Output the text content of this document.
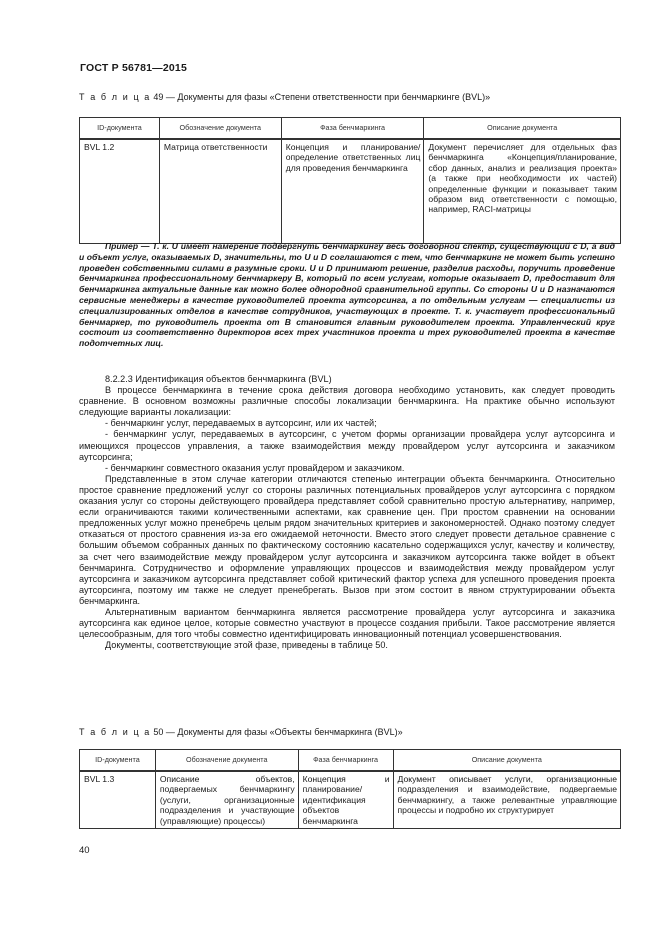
ГОСТ Р 56781—2015
Т а б л и ц а 49 — Документы для фазы «Степени ответственности при бенчмаркинге (BVL)»
ID-документа	Обозначение документа	Фаза бенчмаркинга	Описание документа
BVL 1.2	Матрица ответственности	Концепция и планирование/определение ответственных лиц для проведения бенчмаркинга	Документ перечисляет для отдельных фаз бенчмаркинга «Концепция/планирование, сбор данных, анализ и реализация проекта» (а также при необходимости их частей) определенные функции и показывает таким образом вид ответственности с помощью, например, RACI-матрицы
Пример — Т. к. U имеет намерение подвергнуть бенчмаркингу весь договорной спектр, существующий с D, а вид и объект услуг, оказываемых D, значительны, то U и D соглашаются с тем, что бенчмаркинг не может быть успешно проведен собственными силами в разумные сроки. U и D принимают решение, разделив расходы, поручить проведение бенчмаркинга профессиональному бенчмаркеру B, который по всем услугам, которые оказывает D, предоставит для бенчмаркинга актуальные данные как можно более однородной сравнительной группы. Со стороны U и D назначаются сервисные менеджеры в качестве руководителей проекта аутсорсинга, а по отдельным услугам — специалисты из специализированных отделов в качестве сотрудников, участвующих в проекте. Т. к. участвует профессиональный бенчмаркер, то руководитель проекта от B становится главным руководителем проекта. Управленческий круг состоит из соответственно директоров всех трех участников проекта и трех руководителей проекта в качестве подотчетных лиц.

8.2.2.3 Идентификация объектов бенчмаркинга (BVL)

В процессе бенчмаркинга в течение срока действия договора необходимо установить, как следует проводить сравнение. В основном возможны различные способы локализации бенчмаркинга. На практике обычно используют следующие варианты локализации:

- бенчмаркинг услуг, передаваемых в аутсорсинг, или их частей;

- бенчмаркинг услуг, передаваемых в аутсорсинг, с учетом формы организации провайдера услуг аутсорсинга и имеющихся процессов управления, а также взаимодействия между провайдером услуг аутсорсинга и заказчиком аутсорсинга;

- бенчмаркинг совместного оказания услуг провайдером и заказчиком.

Представленные в этом случае категории отличаются степенью интеграции объекта бенчмаркинга. Относительно простое сравнение предложений услуг со стороны различных потенциальных провайдеров услуг аутсорсинга с порядком оказания услуг со стороны действующего провайдера представляет собой сравнительно простую альтернативу, например, если ограничиваются такими количественными аспектами, как сравнение цен. При простом сравнении на основании предложенных услуг можно пренебречь целым рядом значительных критериев и закономерностей. Однако поэтому следует отказаться от простого сравнения из-за его ожидаемой неточности. Вместо этого следует провести детальное сравнение с большим объемом собранных данных по фактическому состоянию касательно содержащихся услуг, качеству и количеству, за счет чего взаимодействие между провайдером услуг аутсорсинга и заказчиком аутсорсинга также войдет в объект бенчмаринга. Сотрудничество и оформление управляющих процессов и взаимодействия между провайдером услуг аутсорсинга и заказчиком аутсорсинга представляет собой критический фактор успеха для успешного проведения проекта аутсорсинга, поэтому им также не следует пренебрегать. Вызов при этом состоит в явном структурировании объекта бенчмаркинга.

Альтернативным вариантом бенчмаркинга является рассмотрение провайдера услуг аутсорсинга и заказчика аутсорсинга как единое целое, которые совместно участвуют в процессе создания прибыли. Такое рассмотрение является целесообразным, для того чтобы совместно идентифицировать инновационный потенциал усовершенствования.

Документы, соответствующие этой фазе, приведены в таблице 50.

Т а б л и ц а 50 — Документы для фазы «Объекты бенчмаркинга (BVL)»
ID-документа	Обозначение документа	Фаза бенчмаркинга	Описание документа
BVL 1.3	Описание объектов, подвергаемых бенчмаркингу (услуги, организационные подразделения и участвующие (управляющие) процессы)	Концепция и планирование/идентификация объектов бенчмаркинга	Документ описывает услуги, организационные подразделения и взаимодействие, подвергаемые бенчмаркингу, а также релевантные управляющие процессы и подробно их структурирует
40
